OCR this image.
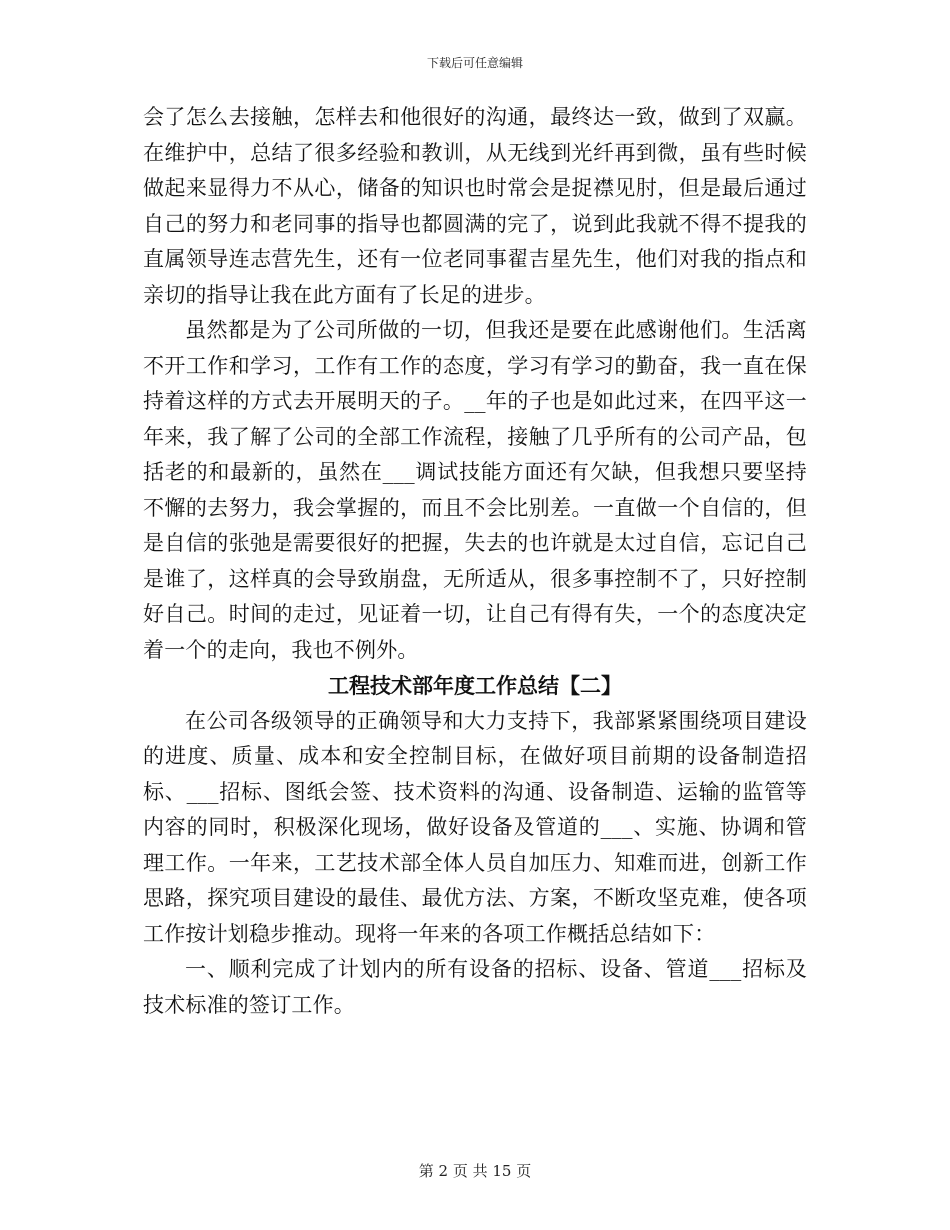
下载后可任意编辑

会了怎么去接触，怎样去和他很好的沟通，最终达一致，做到了双赢。在维护中，总结了很多经验和教训，从无线到光纤再到微，虽有些时候做起来显得力不从心，储备的知识也时常会是捉襟见肘，但是最后通过自己的努力和老同事的指导也都圆满的完了，说到此我就不得不提我的直属领导连志营先生，还有一位老同事翟吉星先生，他们对我的指点和亲切的指导让我在此方面有了长足的进步。

虽然都是为了公司所做的一切，但我还是要在此感谢他们。生活离不开工作和学习，工作有工作的态度，学习有学习的勤奋，我一直在保持着这样的方式去开展明天的子。__年的子也是如此过来，在四平这一年来，我了解了公司的全部工作流程，接触了几乎所有的公司产品，包括老的和最新的，虽然在___调试技能方面还有欠缺，但我想只要坚持不懈的去努力，我会掌握的，而且不会比别差。一直做一个自信的，但是自信的张弛是需要很好的把握，失去的也许就是太过自信，忘记自己是谁了，这样真的会导致崩盘，无所适从，很多事控制不了，只好控制好自己。时间的走过，见证着一切，让自己有得有失，一个的态度决定着一个的走向，我也不例外。

工程技术部年度工作总结【二】

在公司各级领导的正确领导和大力支持下，我部紧紧围绕项目建设的进度、质量、成本和安全控制目标，在做好项目前期的设备制造招标、___招标、图纸会签、技术资料的沟通、设备制造、运输的监管等内容的同时，积极深化现场，做好设备及管道的___、实施、协调和管理工作。一年来，工艺技术部全体人员自加压力、知难而进，创新工作思路，探究项目建设的最佳、最优方法、方案，不断攻坚克难，使各项工作按计划稳步推动。现将一年来的各项工作概括总结如下：

一、顺利完成了计划内的所有设备的招标、设备、管道___招标及技术标准的签订工作。

第 2 页 共 15 页
